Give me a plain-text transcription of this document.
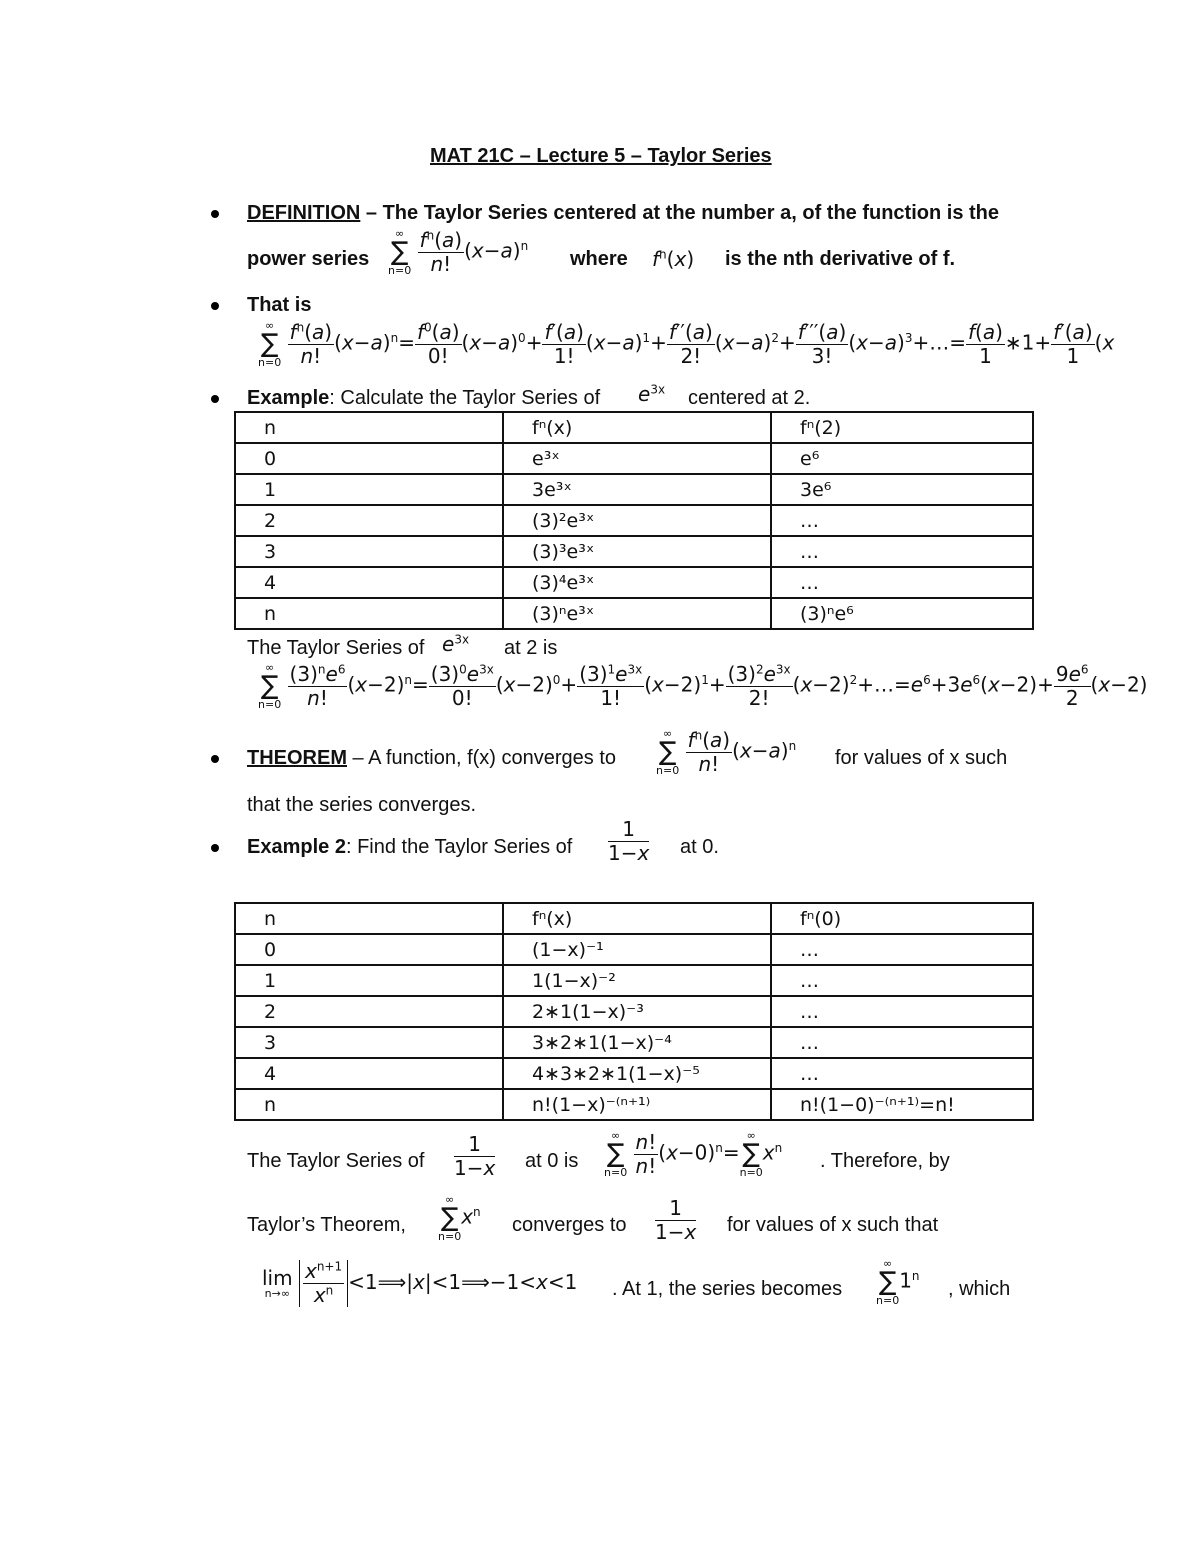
MAT 21C – Lecture 5 – Taylor Series
DEFINITION – The Taylor Series centered at the number a, of the function is the
power series
∞
∑
n=0
$\frac{f^n(a)}{n!} (x-a)^n$
where $f^n(x)$ is the nth derivative of f.
That is
∞
∑
n=0
$\frac{f^n(a)}{n!} (x-a)^n= \frac{f^0(a)}{0!} (x-a)^0+ \frac{f'(a)}{1!} (x-a)^1+ \frac{f''(a)}{2!} (x-a)^2+ \frac{f'''(a)}{3!}$ $(x-a)^3+\dots= \frac{f(a)}{1}$ ∗1+ $\frac{f'(a)}{1} (x$
Example: Calculate the Taylor Series of $e^{3x}$ centered at 2.
n	fⁿ(x)	fⁿ(2)
0	e³ˣ	e⁶
1	3e³ˣ	3e⁶
2	(3)²e³ˣ	…
3	(3)³e³ˣ	…
4	(3)⁴e³ˣ	…
n	(3)ⁿe³ˣ	(3)ⁿe⁶
The Taylor Series of $e^{3x}$ at 2 is
∞
∑
n=0
$\frac{(3)^ne^6}{n!} (x-2)^n= \frac{(3)^0e^{3x}}{0!} (x-2)^0+ \frac{(3)^1e^{3x}}{1!} (x-2)^1+ \frac{(3)^2e^{3x}}{2!}$ $(x-2)^2+\dots=e^6+3e^6(x-2)+ \frac{9e^6}{2} (x-2)$
THEOREM – A function, f(x) converges to
∞
∑
n=0
$\frac{f^n(a)}{n!} (x-a)^n$
for values of x such
that the series converges.
Example 2: Find the Taylor Series of $\frac{1}{1-x}$ at 0.
n	fⁿ(x)	fⁿ(0)
0	(1−x)⁻¹	…
1	1(1−x)⁻²	…
2	2∗1(1−x)⁻³	…
3	3∗2∗1(1−x)⁻⁴	…
4	4∗3∗2∗1(1−x)⁻⁵	…
n	n!(1−x)⁻⁽ⁿ⁺¹⁾	n!(1−0)⁻⁽ⁿ⁺¹⁾=n!
The Taylor Series of $\frac{1}{1-x}$ at 0 is
∞
∑
n=0
$\frac{n!}{n!} (x-0)^n=$
∞
∑
n=0
$x^n$
. Therefore, by
Taylor’s Theorem,
∞
∑
n=0
$x^n$
converges to $\frac{1}{1-x}$ for values of x such that
lim
n→∞
$\frac{x^{n+1}}{x^n}$ <1⟹|x|<1⟹−1<x<1 . At 1, the series becomes
∞
∑
n=0
1$^n$
, which
